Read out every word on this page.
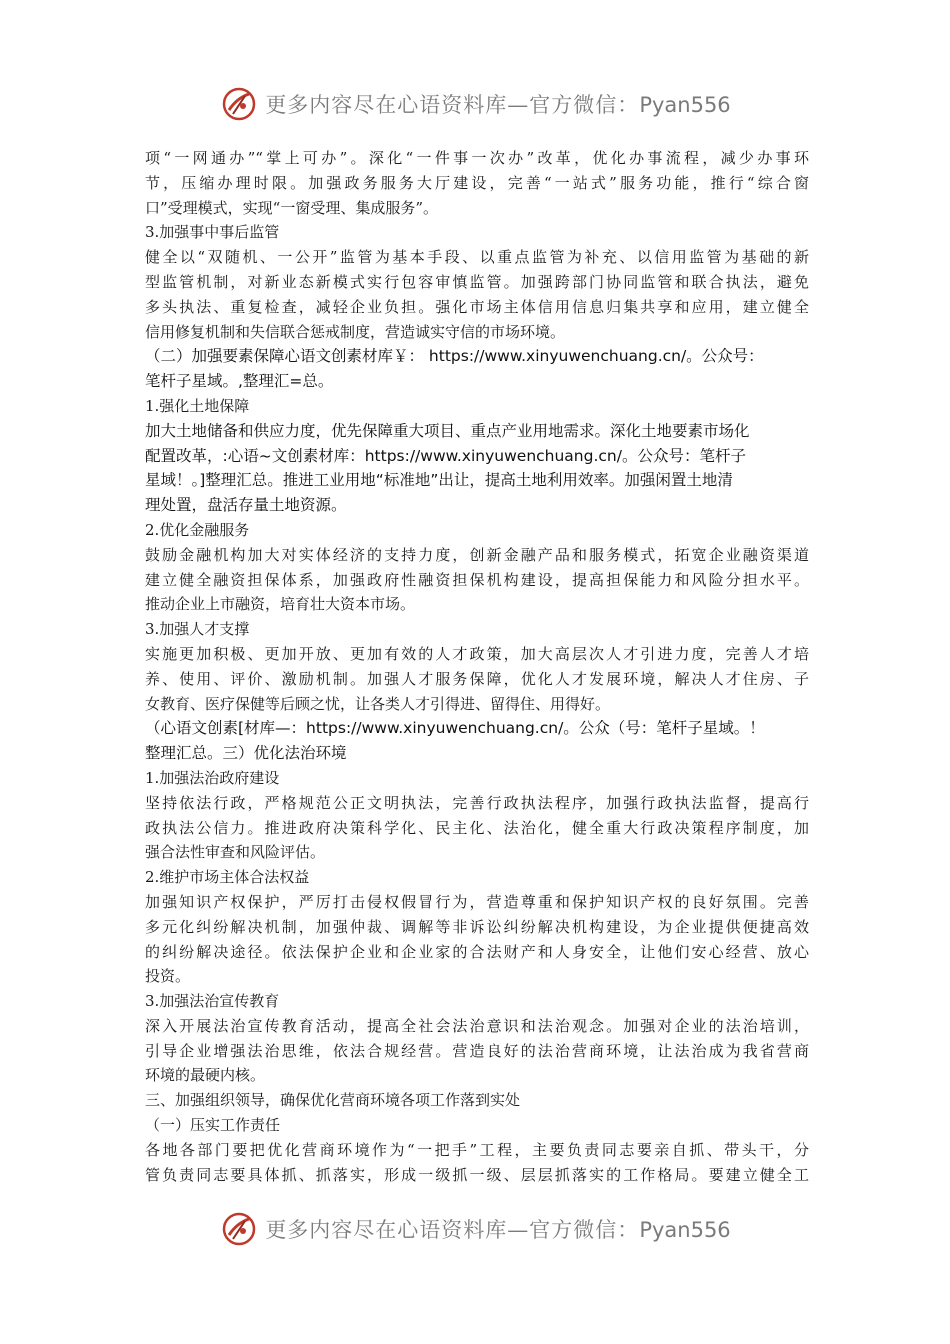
更多内容尽在心语资料库—官方微信：Pyan556
项“一网通办”“掌上可办”。深化“一件事一次办”改革，优化办事流程，减少办事环
节，压缩办理时限。加强政务服务大厅建设，完善“一站式”服务功能，推行“综合窗
口”受理模式，实现“一窗受理、集成服务”。
3.加强事中事后监管
健全以“双随机、一公开”监管为基本手段、以重点监管为补充、以信用监管为基础的新
型监管机制，对新业态新模式实行包容审慎监管。加强跨部门协同监管和联合执法，避免
多头执法、重复检查，减轻企业负担。强化市场主体信用信息归集共享和应用，建立健全
信用修复机制和失信联合惩戒制度，营造诚实守信的市场环境。
（二）加强要素保障心语文创素材库￥： https://www.xinyuwenchuang.cn/。公众号：
笔杆子星域。,整理汇=总。
1.强化土地保障
加大土地储备和供应力度，优先保障重大项目、重点产业用地需求。深化土地要素市场化
配置改革，:心语~文创素材库：https://www.xinyuwenchuang.cn/。公众号：笔杆子
星域！。]整理汇总。推进工业用地“标准地”出让，提高土地利用效率。加强闲置土地清
理处置，盘活存量土地资源。
2.优化金融服务
鼓励金融机构加大对实体经济的支持力度，创新金融产品和服务模式，拓宽企业融资渠道
建立健全融资担保体系，加强政府性融资担保机构建设，提高担保能力和风险分担水平。
推动企业上市融资，培育壮大资本市场。
3.加强人才支撑
实施更加积极、更加开放、更加有效的人才政策，加大高层次人才引进力度，完善人才培
养、使用、评价、激励机制。加强人才服务保障，优化人才发展环境，解决人才住房、子
女教育、医疗保健等后顾之忧，让各类人才引得进、留得住、用得好。
（心语文创素[材库—：https://www.xinyuwenchuang.cn/。公众（号：笔杆子星域。！
整理汇总。三）优化法治环境
1.加强法治政府建设
坚持依法行政，严格规范公正文明执法，完善行政执法程序，加强行政执法监督，提高行
政执法公信力。推进政府决策科学化、民主化、法治化，健全重大行政决策程序制度，加
强合法性审查和风险评估。
2.维护市场主体合法权益
加强知识产权保护，严厉打击侵权假冒行为，营造尊重和保护知识产权的良好氛围。完善
多元化纠纷解决机制，加强仲裁、调解等非诉讼纠纷解决机构建设，为企业提供便捷高效
的纠纷解决途径。依法保护企业和企业家的合法财产和人身安全，让他们安心经营、放心
投资。
3.加强法治宣传教育
深入开展法治宣传教育活动，提高全社会法治意识和法治观念。加强对企业的法治培训，
引导企业增强法治思维，依法合规经营。营造良好的法治营商环境，让法治成为我省营商
环境的最硬内核。
三、加强组织领导，确保优化营商环境各项工作落到实处
（一）压实工作责任
各地各部门要把优化营商环境作为“一把手”工程，主要负责同志要亲自抓、带头干，分
管负责同志要具体抓、抓落实，形成一级抓一级、层层抓落实的工作格局。要建立健全工
更多内容尽在心语资料库—官方微信：Pyan556
